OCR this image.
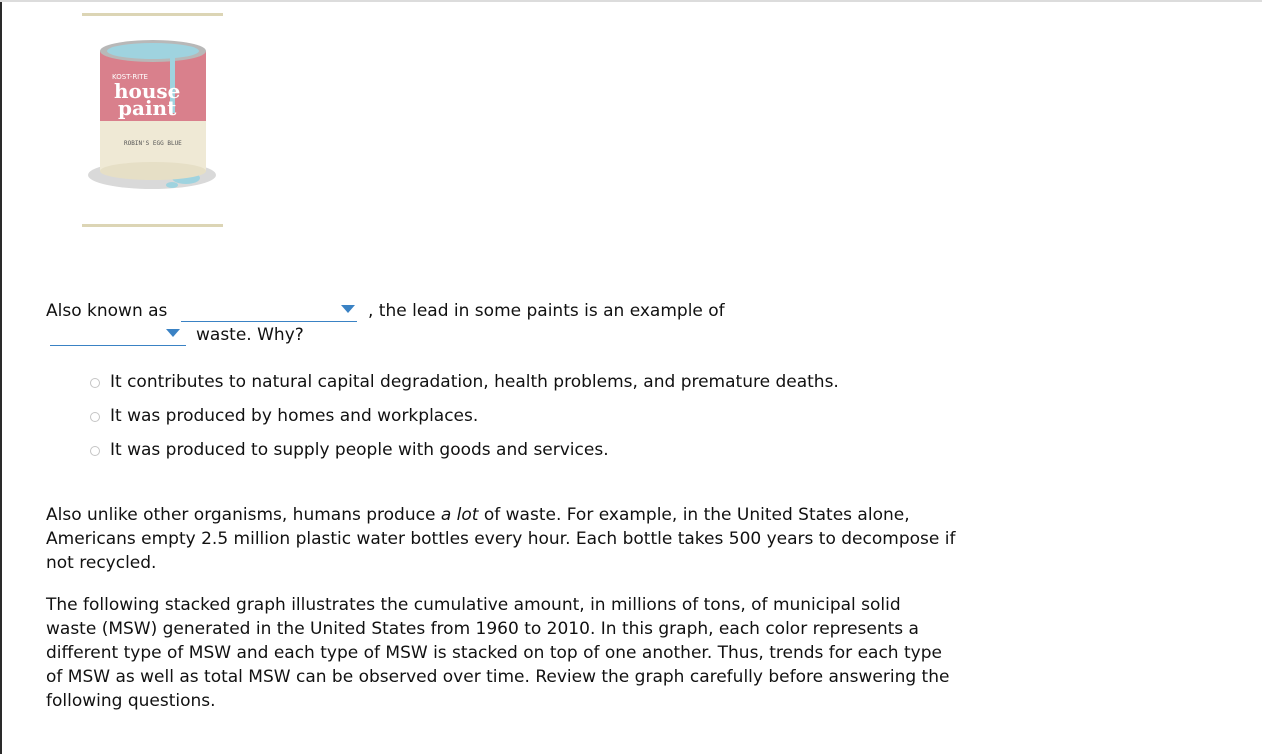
KOST-RITE
house
paint
ROBIN'S EGG BLUE
Also known as	, the lead in some paints is an example of
waste. Why?
It contributes to natural capital degradation, health problems, and premature deaths.
It was produced by homes and workplaces.
It was produced to supply people with goods and services.

Also unlike other organisms, humans produce a lot of waste. For example, in the United States alone, Americans empty 2.5 million plastic water bottles every hour. Each bottle takes 500 years to decompose if not recycled.

The following stacked graph illustrates the cumulative amount, in millions of tons, of municipal solid waste (MSW) generated in the United States from 1960 to 2010. In this graph, each color represents a different type of MSW and each type of MSW is stacked on top of one another. Thus, trends for each type of MSW as well as total MSW can be observed over time. Review the graph carefully before answering the following questions.
